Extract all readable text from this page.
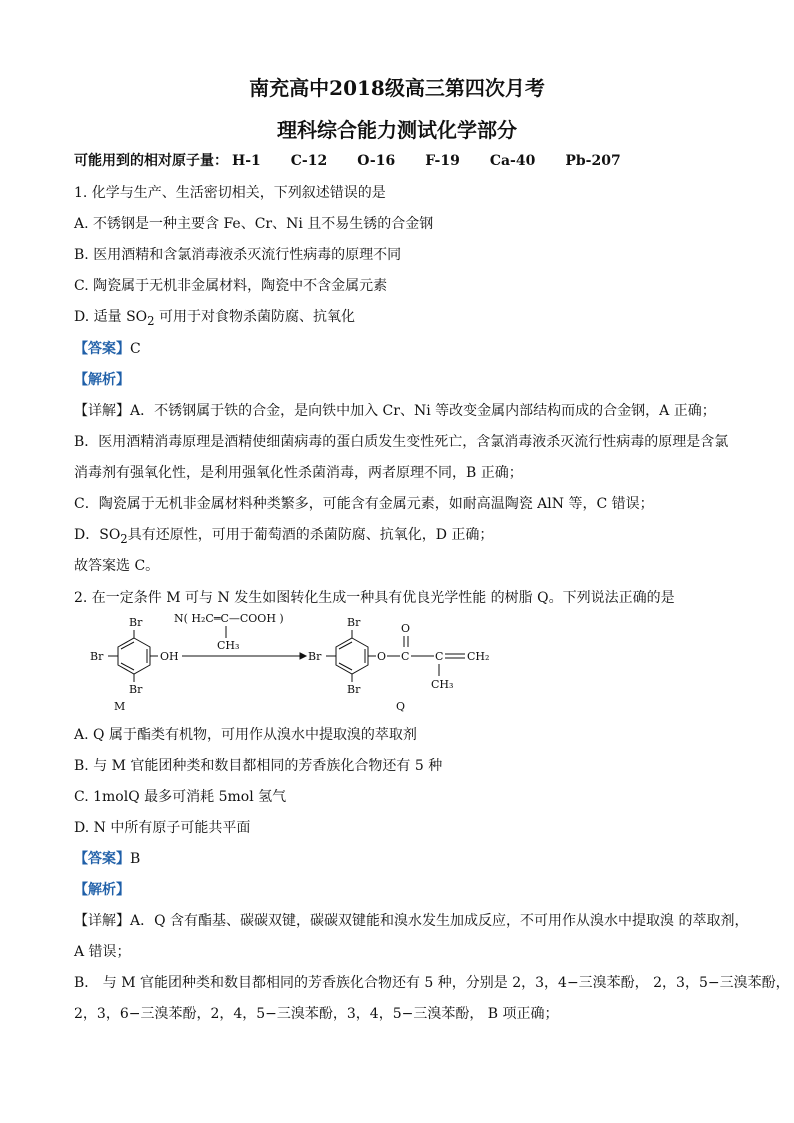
南充高中2018级高三第四次月考
理科综合能力测试化学部分
可能用到的相对原子量： H-1 C-12 O-16 F-19 Ca-40 Pb-207
1. 化学与生产、生活密切相关，下列叙述错误的是
A. 不锈钢是一种主要含 Fe、Cr、Ni 且不易生锈的合金钢
B. 医用酒精和含氯消毒液杀灭流行性病毒的原理不同
C. 陶瓷属于无机非金属材料，陶瓷中不含金属元素
D. 适量 $SO_2$ 可用于对食物杀菌防腐、抗氧化
【答案】C
【解析】
【详解】A．不锈钢属于铁的合金，是向铁中加入 Cr、Ni 等改变金属内部结构而成的合金钢，A 正确；
B．医用酒精消毒原理是酒精使细菌病毒的蛋白质发生变性死亡，含氯消毒液杀灭流行性病毒的原理是含氯
消毒剂有强氧化性，是利用强氧化性杀菌消毒，两者原理不同，B 正确；
C．陶瓷属于无机非金属材料种类繁多，可能含有金属元素，如耐高温陶瓷 AlN 等，C 错误；
D．$SO_2$具有还原性，可用于葡萄酒的杀菌防腐、抗氧化，D 正确；
故答案选 C。
2. 在一定条件 M 可与 N 发生如图转化生成一种具有优良光学性能 的树脂 Q。下列说法正确的是
Br
Br
Br	OH
M
N( H₂C═C—COOH )
CH₃
Br
Br
Br	O C
O
C CH₂
CH₃
Q
A. Q 属于酯类有机物，可用作从溴水中提取溴的萃取剂
B. 与 M 官能团种类和数目都相同的芳香族化合物还有 5 种
C. 1molQ 最多可消耗 5mol 氢气
D. N 中所有原子可能共平面
【答案】B
【解析】
【详解】A．Q 含有酯基、碳碳双键，碳碳双键能和溴水发生加成反应，不可用作从溴水中提取溴 的萃取剂，
A 错误；
B． 与 M 官能团种类和数目都相同的芳香族化合物还有 5 种，分别是 2，3，4−三溴苯酚， 2，3，5−三溴苯酚，
2，3，6−三溴苯酚，2，4，5−三溴苯酚，3，4，5−三溴苯酚， B 项正确；
